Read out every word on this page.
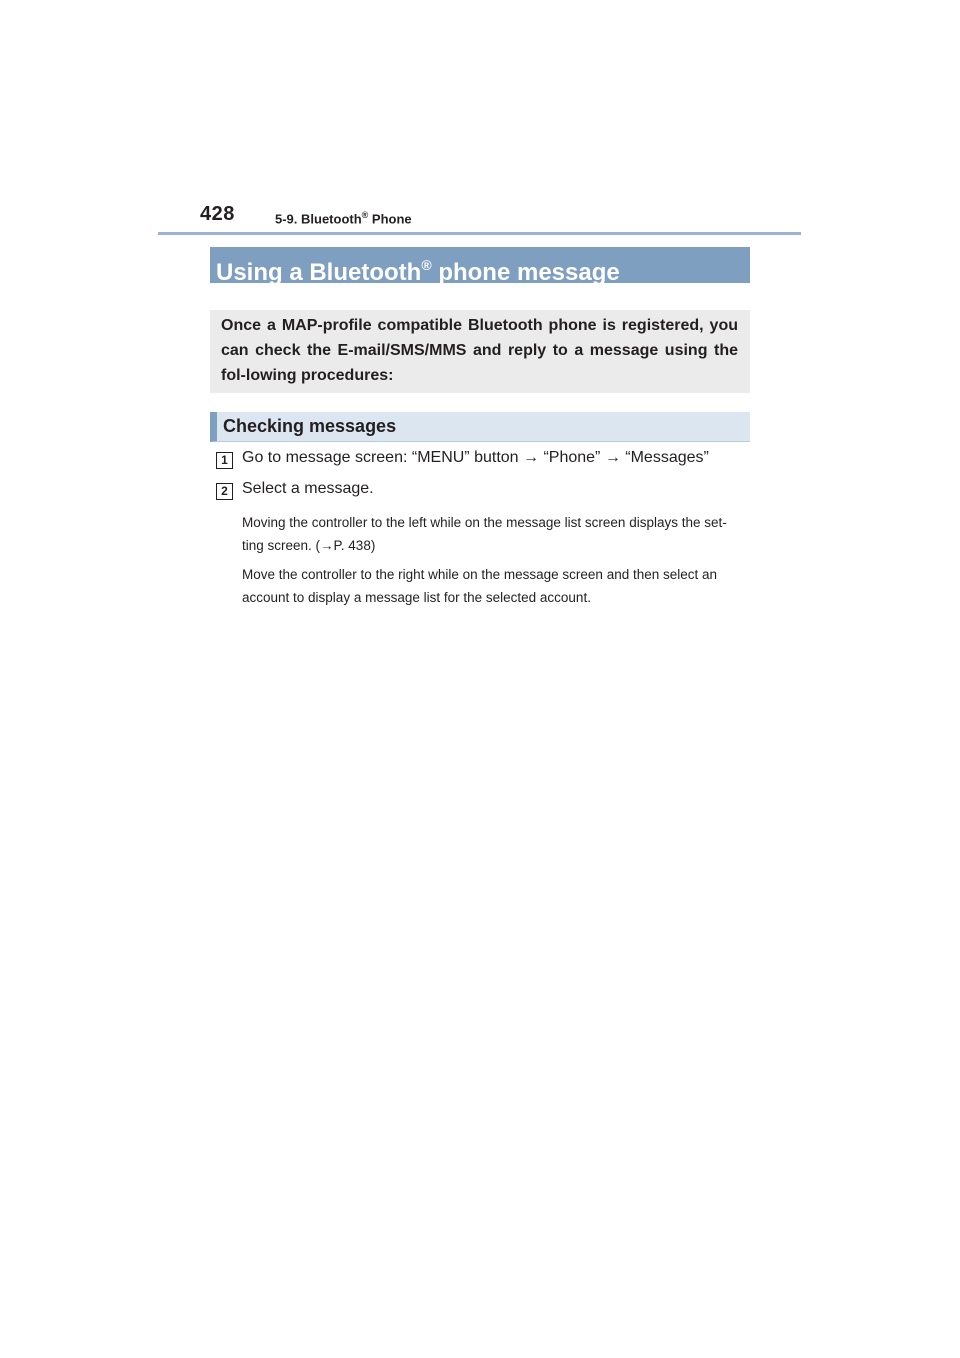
428	5-9. Bluetooth® Phone
Using a Bluetooth® phone message
Once a MAP-profile compatible Bluetooth phone is registered, you can check the E-mail/SMS/MMS and reply to a message using the fol-lowing procedures:
Checking messages
1 Go to message screen: “MENU” button → “Phone” → “Messages”
2 Select a message.
Moving the controller to the left while on the message list screen displays the set-
ting screen. (→P. 438)
Move the controller to the right while on the message screen and then select an
account to display a message list for the selected account.
